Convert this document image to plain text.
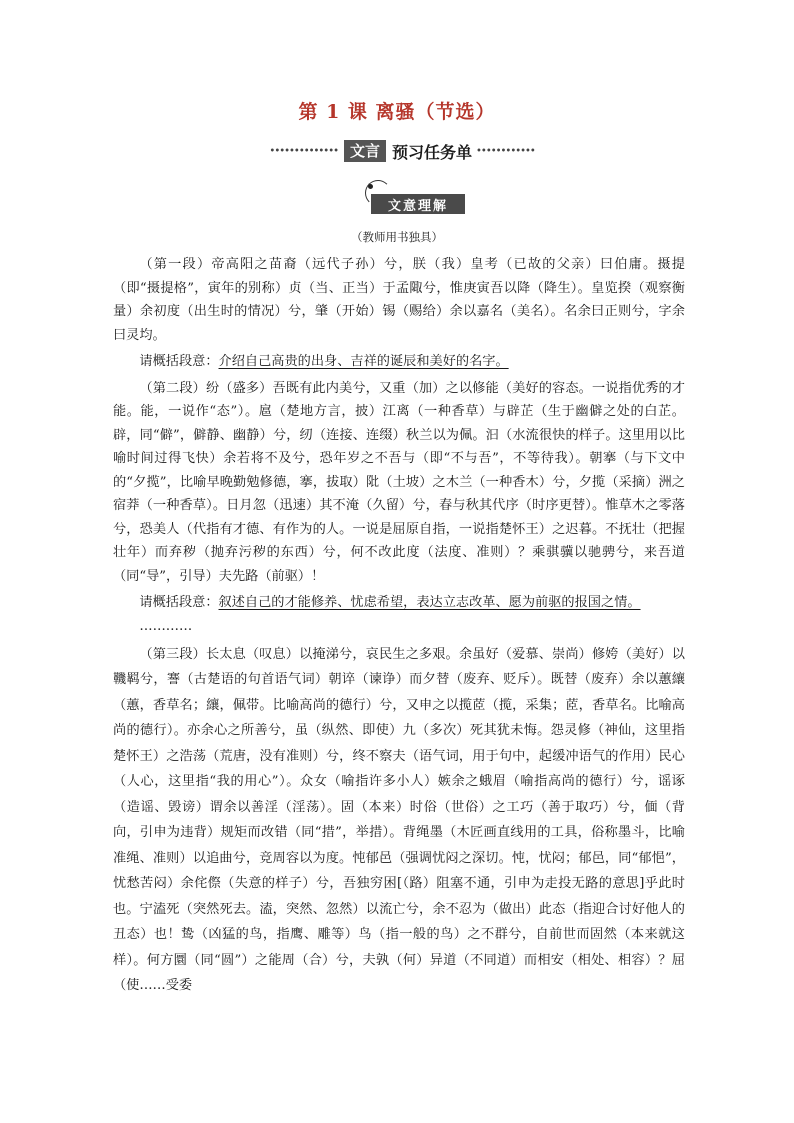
第 1 课 离骚（节选）
•••••••••••••• 文言 预习任务单 ••••••••••••
文意理解
（教师用书独具）

（第一段）帝高阳之苗裔（远代子孙）兮，朕（我）皇考（已故的父亲）曰伯庸。摄提（即“摄提格”，寅年的别称）贞（当、正当）于孟陬兮，惟庚寅吾以降（降生）。皇览揆（观察衡量）余初度（出生时的情况）兮，肇（开始）锡（赐给）余以嘉名（美名）。名余曰正则兮，字余曰灵均。

请概括段意：介绍自己高贵的出身、吉祥的诞辰和美好的名字。

（第二段）纷（盛多）吾既有此内美兮，又重（加）之以修能（美好的容态。一说指优秀的才能。能，一说作“态”）。扈（楚地方言，披）江离（一种香草）与辟芷（生于幽僻之处的白芷。辟，同“僻”，僻静、幽静）兮，纫（连接、连缀）秋兰以为佩。汩（水流很快的样子。这里用以比喻时间过得飞快）余若将不及兮，恐年岁之不吾与（即“不与吾”，不等待我）。朝搴（与下文中的“夕揽”，比喻早晚勤勉修德，搴，拔取）阰（土坡）之木兰（一种香木）兮，夕揽（采摘）洲之宿莽（一种香草）。日月忽（迅速）其不淹（久留）兮，春与秋其代序（时序更替）。惟草木之零落兮，恐美人（代指有才德、有作为的人。一说是屈原自指，一说指楚怀王）之迟暮。不抚壮（把握壮年）而弃秽（抛弃污秽的东西）兮，何不改此度（法度、准则）？乘骐骥以驰骋兮，来吾道（同“导”，引导）夫先路（前驱）！

请概括段意：叙述自己的才能修养、忧虑希望，表达立志改革、愿为前驱的报国之情。

…………

（第三段）长太息（叹息）以掩涕兮，哀民生之多艰。余虽好（爱慕、崇尚）修姱（美好）以鞿羁兮，謇（古楚语的句首语气词）朝谇（谏诤）而夕替（废弃、贬斥）。既替（废弃）余以蕙纕（蕙，香草名；纕，佩带。比喻高尚的德行）兮，又申之以揽茝（揽，采集；茝，香草名。比喻高尚的德行）。亦余心之所善兮，虽（纵然、即使）九（多次）死其犹未悔。怨灵修（神仙，这里指楚怀王）之浩荡（荒唐，没有准则）兮，终不察夫（语气词，用于句中，起缓冲语气的作用）民心（人心，这里指“我的用心”）。众女（喻指许多小人）嫉余之蛾眉（喻指高尚的德行）兮，谣诼（造谣、毁谤）谓余以善淫（淫荡）。固（本来）时俗（世俗）之工巧（善于取巧）兮，偭（背向，引申为违背）规矩而改错（同“措”，举措）。背绳墨（木匠画直线用的工具，俗称墨斗，比喻准绳、准则）以追曲兮，竞周容以为度。忳郁邑（强调忧闷之深切。忳，忧闷；郁邑，同“郁悒”，忧愁苦闷）余侘傺（失意的样子）兮，吾独穷困[（路）阻塞不通，引申为走投无路的意思]乎此时也。宁溘死（突然死去。溘，突然、忽然）以流亡兮，余不忍为（做出）此态（指迎合讨好他人的丑态）也！鸷（凶猛的鸟，指鹰、雕等）鸟（指一般的鸟）之不群兮，自前世而固然（本来就这样）。何方圜（同“圆”）之能周（合）兮，夫孰（何）异道（不同道）而相安（相处、相容）？屈（使……受委
